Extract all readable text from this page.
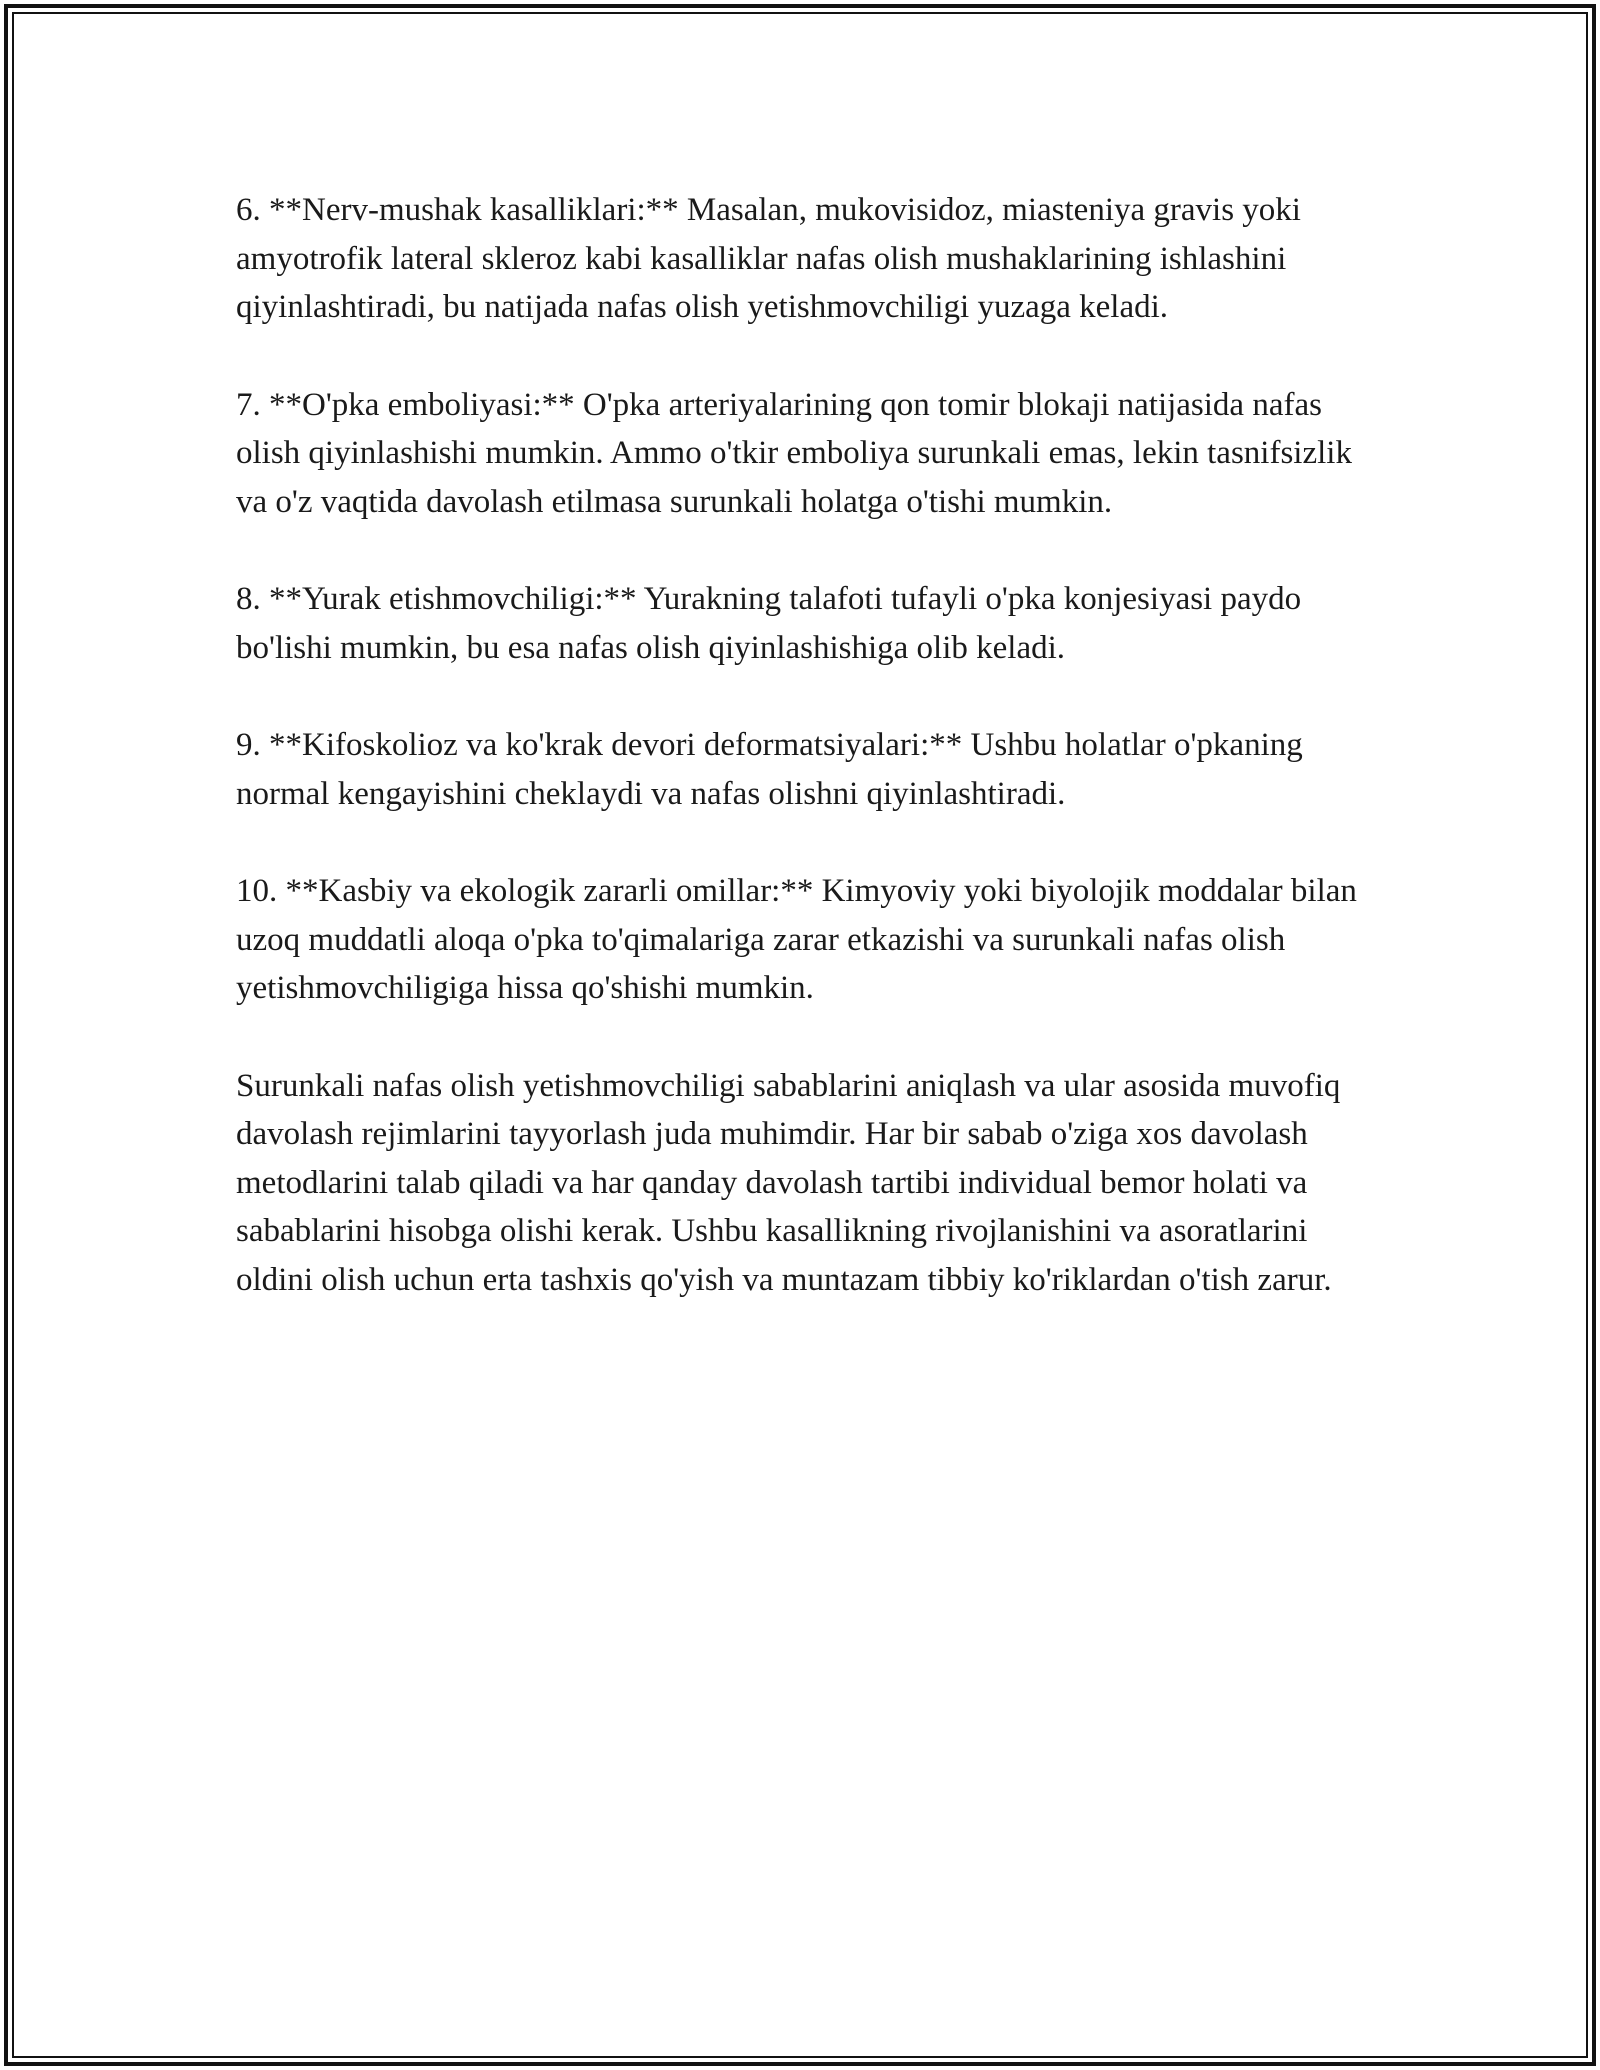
6. **Nerv-mushak kasalliklari:** Masalan, mukovisidoz, miasteniya gravis yoki amyotrofik lateral skleroz kabi kasalliklar nafas olish mushaklarining ishlashini qiyinlashtiradi, bu natijada nafas olish yetishmovchiligi yuzaga keladi.

7. **O'pka emboliyasi:** O'pka arteriyalarining qon tomir blokaji natijasida nafas olish qiyinlashishi mumkin. Ammo o'tkir emboliya surunkali emas, lekin tasnifsizlik va o'z vaqtida davolash etilmasa surunkali holatga o'tishi mumkin.

8. **Yurak etishmovchiligi:** Yurakning talafoti tufayli o'pka konjesiyasi paydo bo'lishi mumkin, bu esa nafas olish qiyinlashishiga olib keladi.

9. **Kifoskolioz va ko'krak devori deformatsiyalari:** Ushbu holatlar o'pkaning normal kengayishini cheklaydi va nafas olishni qiyinlashtiradi.

10. **Kasbiy va ekologik zararli omillar:** Kimyoviy yoki biyolojik moddalar bilan uzoq muddatli aloqa o'pka to'qimalariga zarar etkazishi va surunkali nafas olish yetishmovchiligiga hissa qo'shishi mumkin.

Surunkali nafas olish yetishmovchiligi sabablarini aniqlash va ular asosida muvofiq davolash rejimlarini tayyorlash juda muhimdir. Har bir sabab o'ziga xos davolash metodlarini talab qiladi va har qanday davolash tartibi individual bemor holati va sabablarini hisobga olishi kerak. Ushbu kasallikning rivojlanishini va asoratlarini oldini olish uchun erta tashxis qo'yish va muntazam tibbiy ko'riklardan o'tish zarur.
